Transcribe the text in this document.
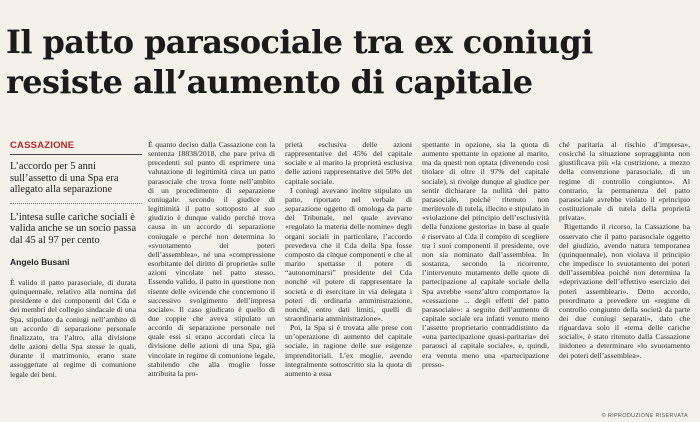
Il patto parasociale tra ex coniugi
resiste all’aumento di capitale

CASSAZIONE

L’accordo per 5 anni sull’assetto di una Spa era allegato alla separazione

L’intesa sulle cariche sociali è valida anche se un socio passa dal 45 al 97 per cento

Angelo Busani

È valido il patto parasociale, di durata quinquennale, relativo alla nomina del presidente e dei componenti del Cda e dei membri del collegio sindacale di una Spa, stipulato da coniugi nell’ambito di un accordo di separazione personale finalizzato, tra l’altro, alla divisione delle azioni della Spa stesse le quali, durante il matrimonio, erano state assoggettate al regime di comunione legale dei beni.

È quanto deciso dalla Cassazione con la sentenza 18838/2018, che pare priva di precedenti sul punto di esprimere una valutazione di legittimità circa un patto parasociale che trova fonte nell’ambito di un procedimento di separazione coniugale: secondo il giudice di legittimità il patto sottoposto al suo giudizio è dunque valido perché trova causa in un accordo di separazione coniugale e perché non determina lo «svuotamento dei poteri dell’assemblea», né una «compressione esorbitante del diritto di proprietà» sulle azioni vincolate nel patto stesso. Essendo valido, il patto in questione non risente delle «vicende che concernono il successivo svolgimento dell’impresa sociale». Il caso giudicato è quello di due coppie che aveva stipulato un accordo di separazione personale nel quale essi si erano accordati circa la divisione delle azioni di una Spa, già vincolate in regime di comunione legale, stabilendo che alla moglie fosse attribuita la pro-

prietà esclusiva delle azioni rappresentative del 45% del capitale sociale e al marito la proprietà esclusiva delle azioni rappresentative del 50% del capitale sociale.

I coniugi avevano inoltre stipulato un patto, riportato nel verbale di separazione oggetto di omologa da parte del Tribunale, nel quale avevano «regolato la materia delle nomine» degli organi sociali in particolare, l’accordo prevedeva che il Cda della Spa fosse composto da cinque componenti e che al marito spettasse il potere di “autonominarsi” presidente del Cda nonché «il potere di rappresentare la società e di esercitare in via delegata i poteri di ordinaria amministrazione, nonché, entro dati limiti, quelli di straordinaria amministrazione».

Poi, la Spa si è trovata alle prese con un’operazione di aumento del capitale sociale, in ragione delle sue esigenze imprenditoriali. L’ex moglie, avendo integralmente sottoscritto sia la quota di aumento a essa

spettante in opzione, sia la quota di aumento spettante in opzione al marito, ma da questi non optata (divenendo così titolare di oltre il 97% del capitale sociale), si rivolge dunque al giudice per sentir dichiarare la nullità del patto parasociale, poiché ritenuto non meritevole di tutela, illecito e stipulato in «violazione del principio dell’esclusività della funzione gestoria» in base al quale è riservato al Cda il compito di scegliere tra i suoi componenti il presidente, ove non sia nominato dall’assemblea. In sostanza, secondo la ricorrente, l’intervenuto mutamento delle quote di partecipazione al capitale sociale della Spa avrebbe «senz’altro comportato» la «cessazione ... degli effetti del patto parasociale»: a seguito dell’aumento di capitale sociale era infatti venuto meno l’assetto proprietario contraddistinto da «una partecipazione quasi-paritaria» dei paraosci al capitale sociale», e, quindi, era venuta meno una «partecipazione presso-

ché paritaria al rischio d’impresa», cosicché la situazione sopraggiunta non giustificava più «la costrizione, a mezzo della convenzione parasociale, di un regime di controllo congiunto». Al contrario, la permanenza del patto parasociale avrebbe violato il «principio costituzionale di tutela della proprietà privata».

Rigettando il ricorso, la Cassazione ha osservato che il patto parasociale oggetto del giudizio, avendo natura temporanea (quinquennale), non violava il principio che impedisce lo svuotamento dei poteri dell’assemblea poiché non determina la «deprivazione dell’effettivo esercizio dei poteri assembleari». Detto accordo, preordinato a prevedere un «regime di controllo congiunto della società da parte dei due coniugi separati», dato che riguardava solo il «tema delle cariche sociali», è stato ritenuto dalla Cassazione inidoneo a determinare «lo svuotamento dei poteri dell’assemblea».

© RIPRODUZIONE RISERVATA
